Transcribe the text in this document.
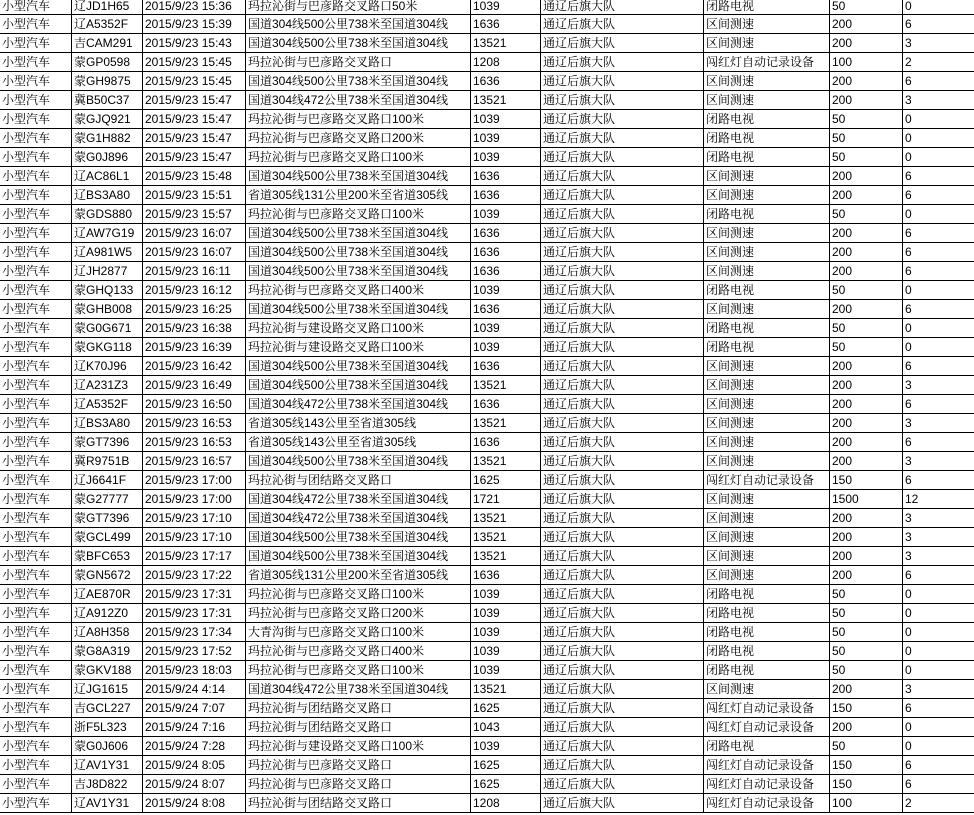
小型汽车	辽JD1H65	2015/9/23 15:36	玛拉沁街与巴彦路交叉路口50米	1039	通辽后旗大队	闭路电视	50	0
小型汽车	辽A5352F	2015/9/23 15:39	国道304线500公里738米至国道304线	1636	通辽后旗大队	区间测速	200	6
小型汽车	吉CAM291	2015/9/23 15:43	国道304线500公里738米至国道304线	13521	通辽后旗大队	区间测速	200	3
小型汽车	蒙GP0598	2015/9/23 15:45	玛拉沁街与巴彦路交叉路口	1208	通辽后旗大队	闯红灯自动记录设备	100	2
小型汽车	蒙GH9875	2015/9/23 15:45	国道304线500公里738米至国道304线	1636	通辽后旗大队	区间测速	200	6
小型汽车	冀B50C37	2015/9/23 15:47	国道304线472公里738米至国道304线	13521	通辽后旗大队	区间测速	200	3
小型汽车	蒙GJQ921	2015/9/23 15:47	玛拉沁街与巴彦路交叉路口100米	1039	通辽后旗大队	闭路电视	50	0
小型汽车	蒙G1H882	2015/9/23 15:47	玛拉沁街与巴彦路交叉路口200米	1039	通辽后旗大队	闭路电视	50	0
小型汽车	蒙G0J896	2015/9/23 15:47	玛拉沁街与巴彦路交叉路口100米	1039	通辽后旗大队	闭路电视	50	0
小型汽车	辽AC86L1	2015/9/23 15:48	国道304线500公里738米至国道304线	1636	通辽后旗大队	区间测速	200	6
小型汽车	辽BS3A80	2015/9/23 15:51	省道305线131公里200米至省道305线	1636	通辽后旗大队	区间测速	200	6
小型汽车	蒙GDS880	2015/9/23 15:57	玛拉沁街与巴彦路交叉路口100米	1039	通辽后旗大队	闭路电视	50	0
小型汽车	辽AW7G19 2015/9/23 16:07	国道304线500公里738米至国道304线	1636	通辽后旗大队	区间测速	200	6
小型汽车	辽A981W5	2015/9/23 16:07	国道304线500公里738米至国道304线	1636	通辽后旗大队	区间测速	200	6
小型汽车	辽JH2877	2015/9/23 16:11	国道304线500公里738米至国道304线	1636	通辽后旗大队	区间测速	200	6
小型汽车	蒙GHQ133 2015/9/23 16:12	玛拉沁街与巴彦路交叉路口400米	1039	通辽后旗大队	闭路电视	50	0
小型汽车	蒙GHB008	2015/9/23 16:25	国道304线500公里738米至国道304线	1636	通辽后旗大队	区间测速	200	6
小型汽车	蒙G0G671	2015/9/23 16:38	玛拉沁街与建设路交叉路口100米	1039	通辽后旗大队	闭路电视	50	0
小型汽车	蒙GKG118	2015/9/23 16:39	玛拉沁街与建设路交叉路口100米	1039	通辽后旗大队	闭路电视	50	0
小型汽车	辽K70J96	2015/9/23 16:42	国道304线500公里738米至国道304线	1636	通辽后旗大队	区间测速	200	6
小型汽车	辽A231Z3	2015/9/23 16:49	国道304线500公里738米至国道304线	13521	通辽后旗大队	区间测速	200	3
小型汽车	辽A5352F	2015/9/23 16:50	国道304线472公里738米至国道304线	1636	通辽后旗大队	区间测速	200	6
小型汽车	辽BS3A80	2015/9/23 16:53	省道305线143公里至省道305线	13521	通辽后旗大队	区间测速	200	3
小型汽车	蒙GT7396	2015/9/23 16:53	省道305线143公里至省道305线	1636	通辽后旗大队	区间测速	200	6
小型汽车	冀R9751B	2015/9/23 16:57	国道304线500公里738米至国道304线	13521	通辽后旗大队	区间测速	200	3
小型汽车	辽J6641F	2015/9/23 17:00	玛拉沁街与团结路交叉路口	1625	通辽后旗大队	闯红灯自动记录设备	150	6
小型汽车	蒙G27777	2015/9/23 17:00	国道304线472公里738米至国道304线	1721	通辽后旗大队	区间测速	1500	12
小型汽车	蒙GT7396	2015/9/23 17:10	国道304线472公里738米至国道304线	13521	通辽后旗大队	区间测速	200	3
小型汽车	蒙GCL499	2015/9/23 17:10	国道304线500公里738米至国道304线	13521	通辽后旗大队	区间测速	200	3
小型汽车	蒙BFC653	2015/9/23 17:17	国道304线500公里738米至国道304线	13521	通辽后旗大队	区间测速	200	3
小型汽车	蒙GN5672	2015/9/23 17:22	省道305线131公里200米至省道305线	1636	通辽后旗大队	区间测速	200	6
小型汽车	辽AE870R	2015/9/23 17:31	玛拉沁街与巴彦路交叉路口100米	1039	通辽后旗大队	闭路电视	50	0
小型汽车	辽A912Z0	2015/9/23 17:31	玛拉沁街与巴彦路交叉路口200米	1039	通辽后旗大队	闭路电视	50	0
小型汽车	辽A8H358	2015/9/23 17:34	大青沟街与巴彦路交叉路口100米	1039	通辽后旗大队	闭路电视	50	0
小型汽车	蒙G8A319	2015/9/23 17:52	玛拉沁街与巴彦路交叉路口400米	1039	通辽后旗大队	闭路电视	50	0
小型汽车	蒙GKV188	2015/9/23 18:03	玛拉沁街与巴彦路交叉路口100米	1039	通辽后旗大队	闭路电视	50	0
小型汽车	辽JG1615	2015/9/24 4:14	国道304线472公里738米至国道304线	13521	通辽后旗大队	区间测速	200	3
小型汽车	吉GCL227	2015/9/24 7:07	玛拉沁街与团结路交叉路口	1625	通辽后旗大队	闯红灯自动记录设备	150	6
小型汽车	浙F5L323	2015/9/24 7:16	玛拉沁街与团结路交叉路口	1043	通辽后旗大队	闯红灯自动记录设备	200	0
小型汽车	蒙G0J606	2015/9/24 7:28	玛拉沁街与建设路交叉路口100米	1039	通辽后旗大队	闭路电视	50	0
小型汽车	辽AV1Y31	2015/9/24 8:05	玛拉沁街与巴彦路交叉路口	1625	通辽后旗大队	闯红灯自动记录设备	150	6
小型汽车	吉J8D822	2015/9/24 8:07	玛拉沁街与巴彦路交叉路口	1625	通辽后旗大队	闯红灯自动记录设备	150	6
小型汽车	辽AV1Y31	2015/9/24 8:08	玛拉沁街与团结路交叉路口	1208	通辽后旗大队	闯红灯自动记录设备	100	2
